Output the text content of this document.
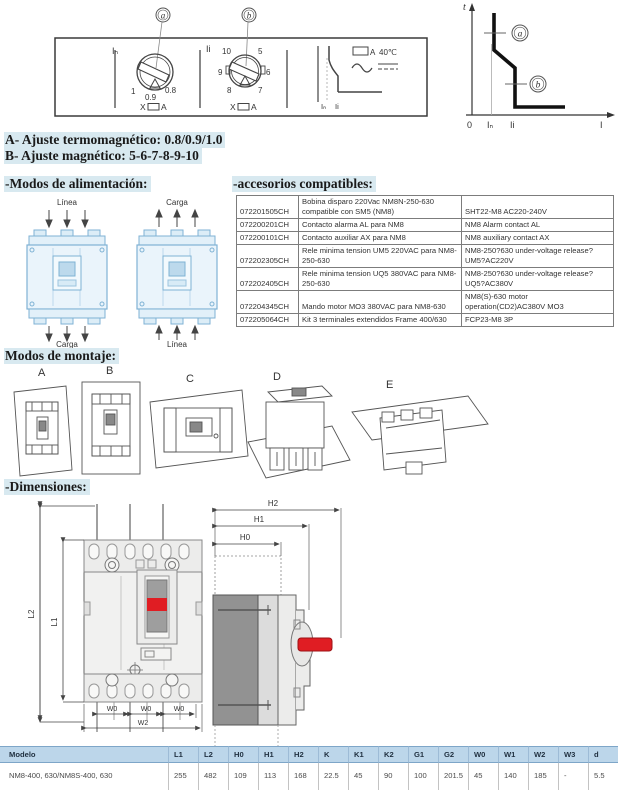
a
Iₙ
1
0.9
0.8
X A
b
Ii 10	5
6
7
8
9
X A	Iₙ Ii
A 40℃
t
a
b
0 Iₙ Ii	I
A- Ajuste termomagnético: 0.8/0.9/1.0
B- Ajuste magnético: 5-6-7-8-9-10
-Modos de alimentación:	-accesorios compatibles:
Línea
Carga
Carga
Línea
072201505CH	Bobina disparo 220Vac NM8N-250-630 compatible con SM5 (NM8)	SHT22-M8 AC220-240V
072200201CH	Contacto alarma AL para NM8	NM8 Alarm contact AL
072200101CH	Contacto auxiliar AX para NM8	NM8 auxiliary contact AX
072202305CH	Rele minima tension UM5 220VAC para NM8-250-630	NM8-250?630 under-voltage release?UM5?AC220V
072202405CH	Rele minima tension UQ5 380VAC para NM8-250-630	NM8-250?630 under-voltage release?UQ5?AC380V
072204345CH	Mando motor MO3 380VAC para NM8-630	NM8(S)-630 motor operation(CD2)AC380V MO3
072205064CH	Kit 3 terminales extendidos Frame 400/630	FCP23-M8 3P
Modos de montaje:
A	B
C	D
E
-Dimensiones:
L2
L1
W0	W0	W0
W2
H2
H1
H0
Modelo	L1	L2	H0	H1	H2	K	K1	K2	G1	G2	W0	W1	W2	W3	d
NM8-400, 630/NM8S-400, 630	255	482	109	113	168	22.5	45	90	100	201.5	45	140	185	-	5.5
